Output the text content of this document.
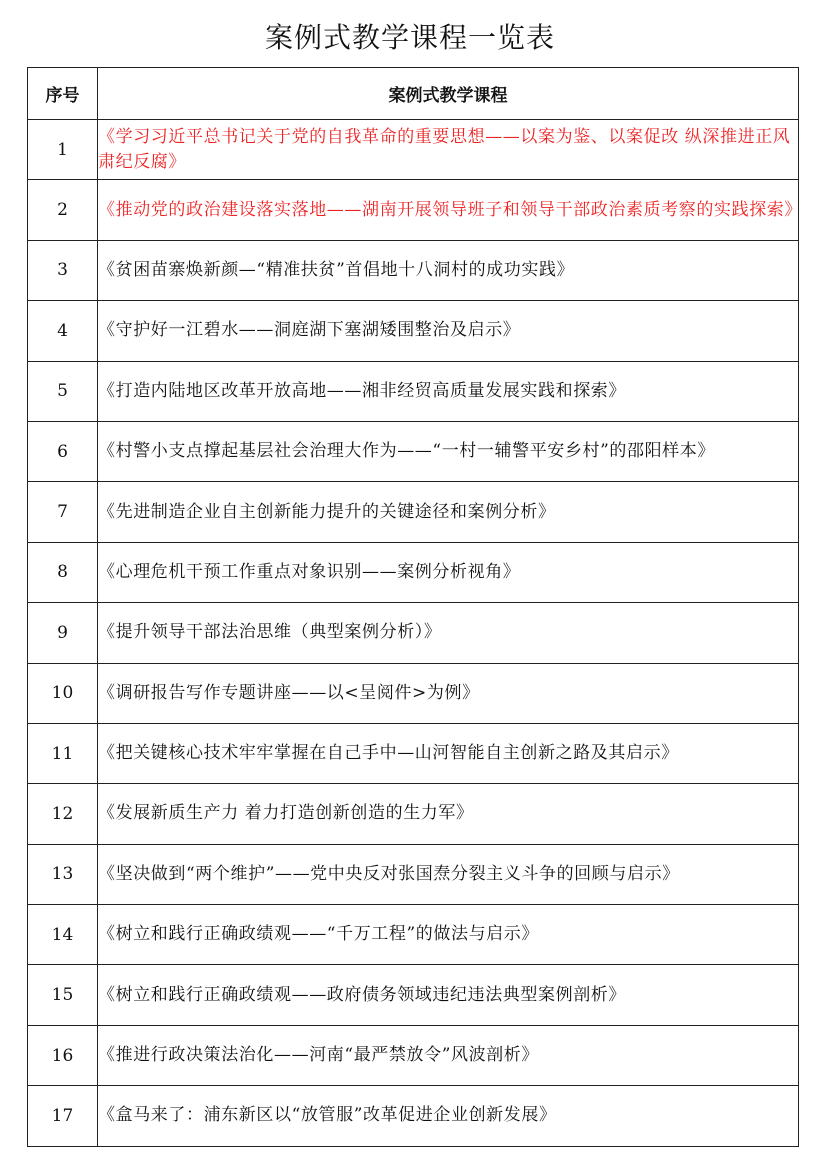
案例式教学课程一览表
序号	案例式教学课程
1	《学习习近平总书记关于党的自我革命的重要思想——以案为鉴、以案促改 纵深推进正风肃纪反腐》
2	《推动党的政治建设落实落地——湖南开展领导班子和领导干部政治素质考察的实践探索》
3	《贫困苗寨焕新颜—“精准扶贫”首倡地十八洞村的成功实践》
4	《守护好一江碧水——洞庭湖下塞湖矮围整治及启示》
5	《打造内陆地区改革开放高地——湘非经贸高质量发展实践和探索》
6	《村警小支点撑起基层社会治理大作为——“一村一辅警平安乡村”的邵阳样本》
7	《先进制造企业自主创新能力提升的关键途径和案例分析》
8	《心理危机干预工作重点对象识别——案例分析视角》
9	《提升领导干部法治思维（典型案例分析）》
10	《调研报告写作专题讲座——以<呈阅件>为例》
11	《把关键核心技术牢牢掌握在自己手中—山河智能自主创新之路及其启示》
12	《发展新质生产力 着力打造创新创造的生力军》
13	《坚决做到“两个维护”——党中央反对张国焘分裂主义斗争的回顾与启示》
14	《树立和践行正确政绩观——“千万工程”的做法与启示》
15	《树立和践行正确政绩观——政府债务领域违纪违法典型案例剖析》
16	《推进行政决策法治化——河南“最严禁放令”风波剖析》
17	《盒马来了：浦东新区以“放管服”改革促进企业创新发展》
